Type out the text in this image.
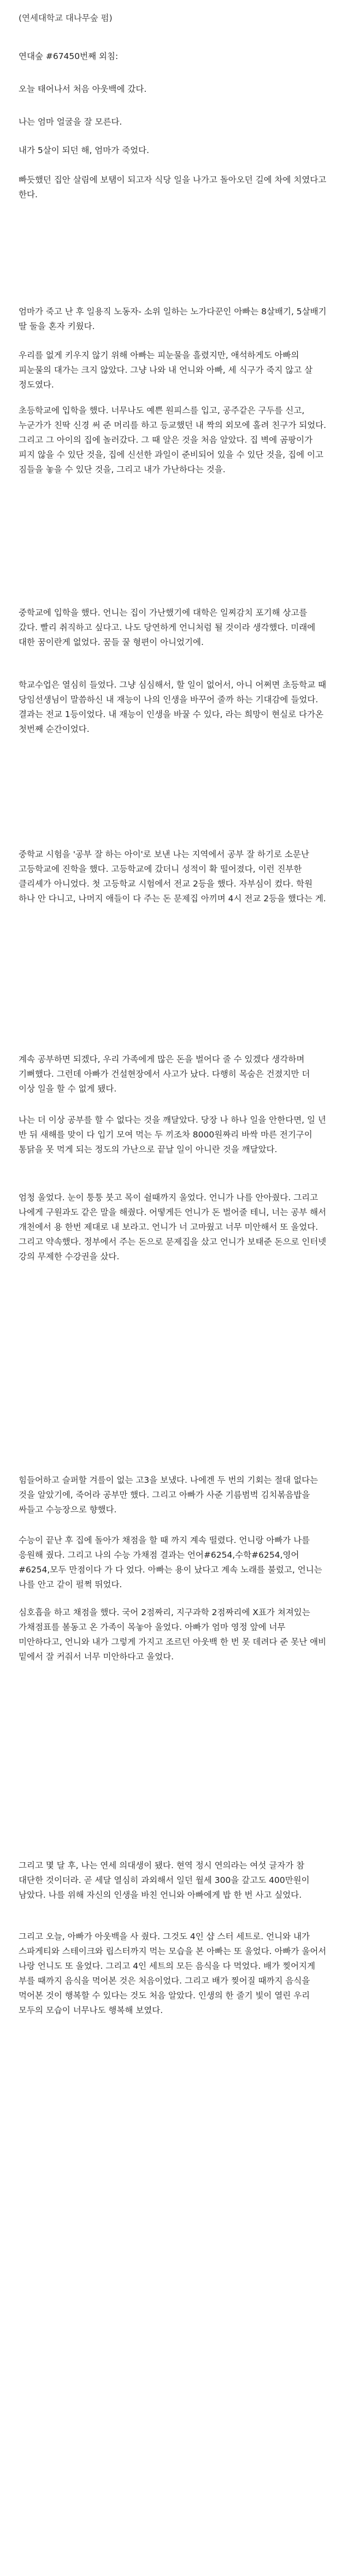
(연세대학교 대나무숲 펌)

연대숲 #67450번째 외침:

오늘 태어나서 처음 아웃백에 갔다.

나는 엄마 얼굴을 잘 모른다.

내가 5살이 되던 해, 엄마가 죽었다.

빠듯했던 집안 살림에 보탬이 되고자 식당 일을 나가고 돌아오던 길에 차에 치였다고 한다.

엄마가 죽고 난 후 일용직 노동자- 소위 일하는 노가다꾼인 아빠는 8살배기, 5살배기 딸 둘을 혼자 키웠다.

우리를 없게 키우지 않기 위해 아빠는 피눈물을 흘렸지만, 애석하게도 아빠의 피눈물의 대가는 크지 않았다. 그냥 나와 내 언니와 아빠, 세 식구가 죽지 않고 살 정도였다.

초등학교에 입학을 했다. 너무나도 예쁜 원피스를 입고, 공주같은 구두를 신고, 누군가가 친딱 신경 써 준 머리를 하고 등교했던 내 짝의 외모에 홀려 친구가 되었다. 그리고 그 아이의 집에 놀러갔다. 그 때 알은 것을 처음 알았다. 집 벽에 곰팡이가 피지 않을 수 있단 것을, 집에 신선한 과일이 준비되어 있을 수 있단 것을, 집에 이고 짐들을 놓을 수 있단 것을, 그리고 내가 가난하다는 것을.

중학교에 입학을 했다. 언니는 집이 가난했기에 대학은 일찌감치 포기해 상고를 갔다. 빨리 취직하고 싶다고. 나도 당연하게 언니처럼 될 것이라 생각했다. 미래에 대한 꿈이란게 없었다. 꿈들 꿀 형편이 아니었기에.

학교수업은 열심히 들었다. 그냥 심심해서, 할 일이 없어서, 아니 어쩌면 초등학교 때 당임선생님이 말씀하신 내 재능이 나의 인생을 바꾸어 줄까 하는 기대감에 들었다. 결과는 전교 1등이었다. 내 재능이 인생을 바꿀 수 있다, 라는 희망이 현실로 다가온 첫번째 순간이었다.

중학교 시험을 '공부 잘 하는 아이'로 보낸 나는 지역에서 공부 잘 하기로 소문난 고등학교에 진학을 했다. 고등학교에 갔더니 성적이 확 떨어졌다, 이런 진부한 클리셰가 아니었다. 첫 고등학교 시험에서 전교 2등을 했다. 자부심이 컸다. 학원 하나 안 다니고, 나머지 애들이 다 주는 돈 문제집 아끼며 4시 전교 2등을 했다는 게.

계속 공부하면 되겠다, 우리 가족에게 많은 돈을 벌어다 줄 수 있겠다 생각하며 기뻐했다. 그런데 아빠가 건설현장에서 사고가 났다. 다행히 목숨은 건졌지만 더 이상 일을 할 수 없게 됐다.

나는 더 이상 공부를 할 수 없다는 것을 깨달았다. 당장 나 하나 일을 안한다면, 일 년 반 뒤 새해를 맞이 다 입기 모여 먹는 두 끼조차 8000원짜리 바싹 마른 전기구이 통닭을 못 먹게 되는 정도의 가난으로 끝날 일이 아니란 것을 깨달았다.

엄청 울었다. 눈이 퉁퉁 붓고 목이 쉴때까지 울었다. 언니가 나를 안아줬다. 그리고 나에게 구원과도 같은 말을 해줬다. 어떻게든 언니가 돈 벌어줄 테니, 너는 공부 해서 개천에서 용 한번 제대로 내 보라고. 언니가 너 고마웠고 너무 미안해서 또 울었다. 그리고 약속했다. 정부에서 주는 돈으로 문제집을 샀고 언니가 보태준 돈으로 인터넷 강의 무제한 수강권을 샀다.

힘들어하고 슬퍼할 겨를이 없는 고3을 보냈다. 나에겐 두 번의 기회는 절대 없다는 것을 알았기에, 죽어라 공부만 했다. 그리고 아빠가 사준 기름범벅 김치볶음밥을 싸들고 수능장으로 향했다.

수능이 끝난 후 집에 돌아가 채점을 할 때 까지 계속 떨렸다. 언니랑 아빠가 나를 응원해 줬다. 그리고 나의 수능 가채점 결과는 언어#6254,수학#6254,영어#6254,모두 만점이다 가 다 었다. 아빠는 용이 났다고 계속 노래를 불렀고, 언니는 나를 안고 같이 펄쩍 뛰었다.

심호흡을 하고 채점을 했다. 국어 2점짜리, 지구과학 2점짜리에 X표가 쳐져있는 가채점표를 볼동고 온 가족이 목놓아 울었다. 아빠가 엄마 영정 앞에 너무 미안하다고, 언니와 내가 그렇게 가지고 조르던 아웃백 한 번 못 데려다 준 못난 애비 밑에서 잘 커줘서 너무 미안하다고 울었다.

그리고 몇 달 후, 나는 연세 의대생이 됐다. 현역 정시 연의라는 여섯 글자가 참 대단한 것이더라. 곧 세달 열심히 과외해서 일던 월세 300을 갚고도 400만원이 남았다. 나를 위해 자신의 인생을 바친 언니와 아빠에게 밥 한 번 사고 싶었다.

그리고 오늘, 아빠가 아웃백을 사 줬다. 그것도 4인 샵 스터 세트로. 언니와 내가 스파게티와 스테이크와 립스터까지 먹는 모습을 본 아빠는 또 울었다. 아빠가 울어서 나랑 언니도 또 울었다. 그리고 4인 세트의 모든 음식을 다 먹었다. 배가 찢어지게 부를 때까지 음식을 먹어본 것은 처음이었다. 그리고 배가 찢어질 때까지 음식을 먹어본 것이 행복할 수 있다는 것도 처음 알았다. 인생의 한 줄기 빛이 열린 우리 모두의 모습이 너무나도 행복해 보였다.
